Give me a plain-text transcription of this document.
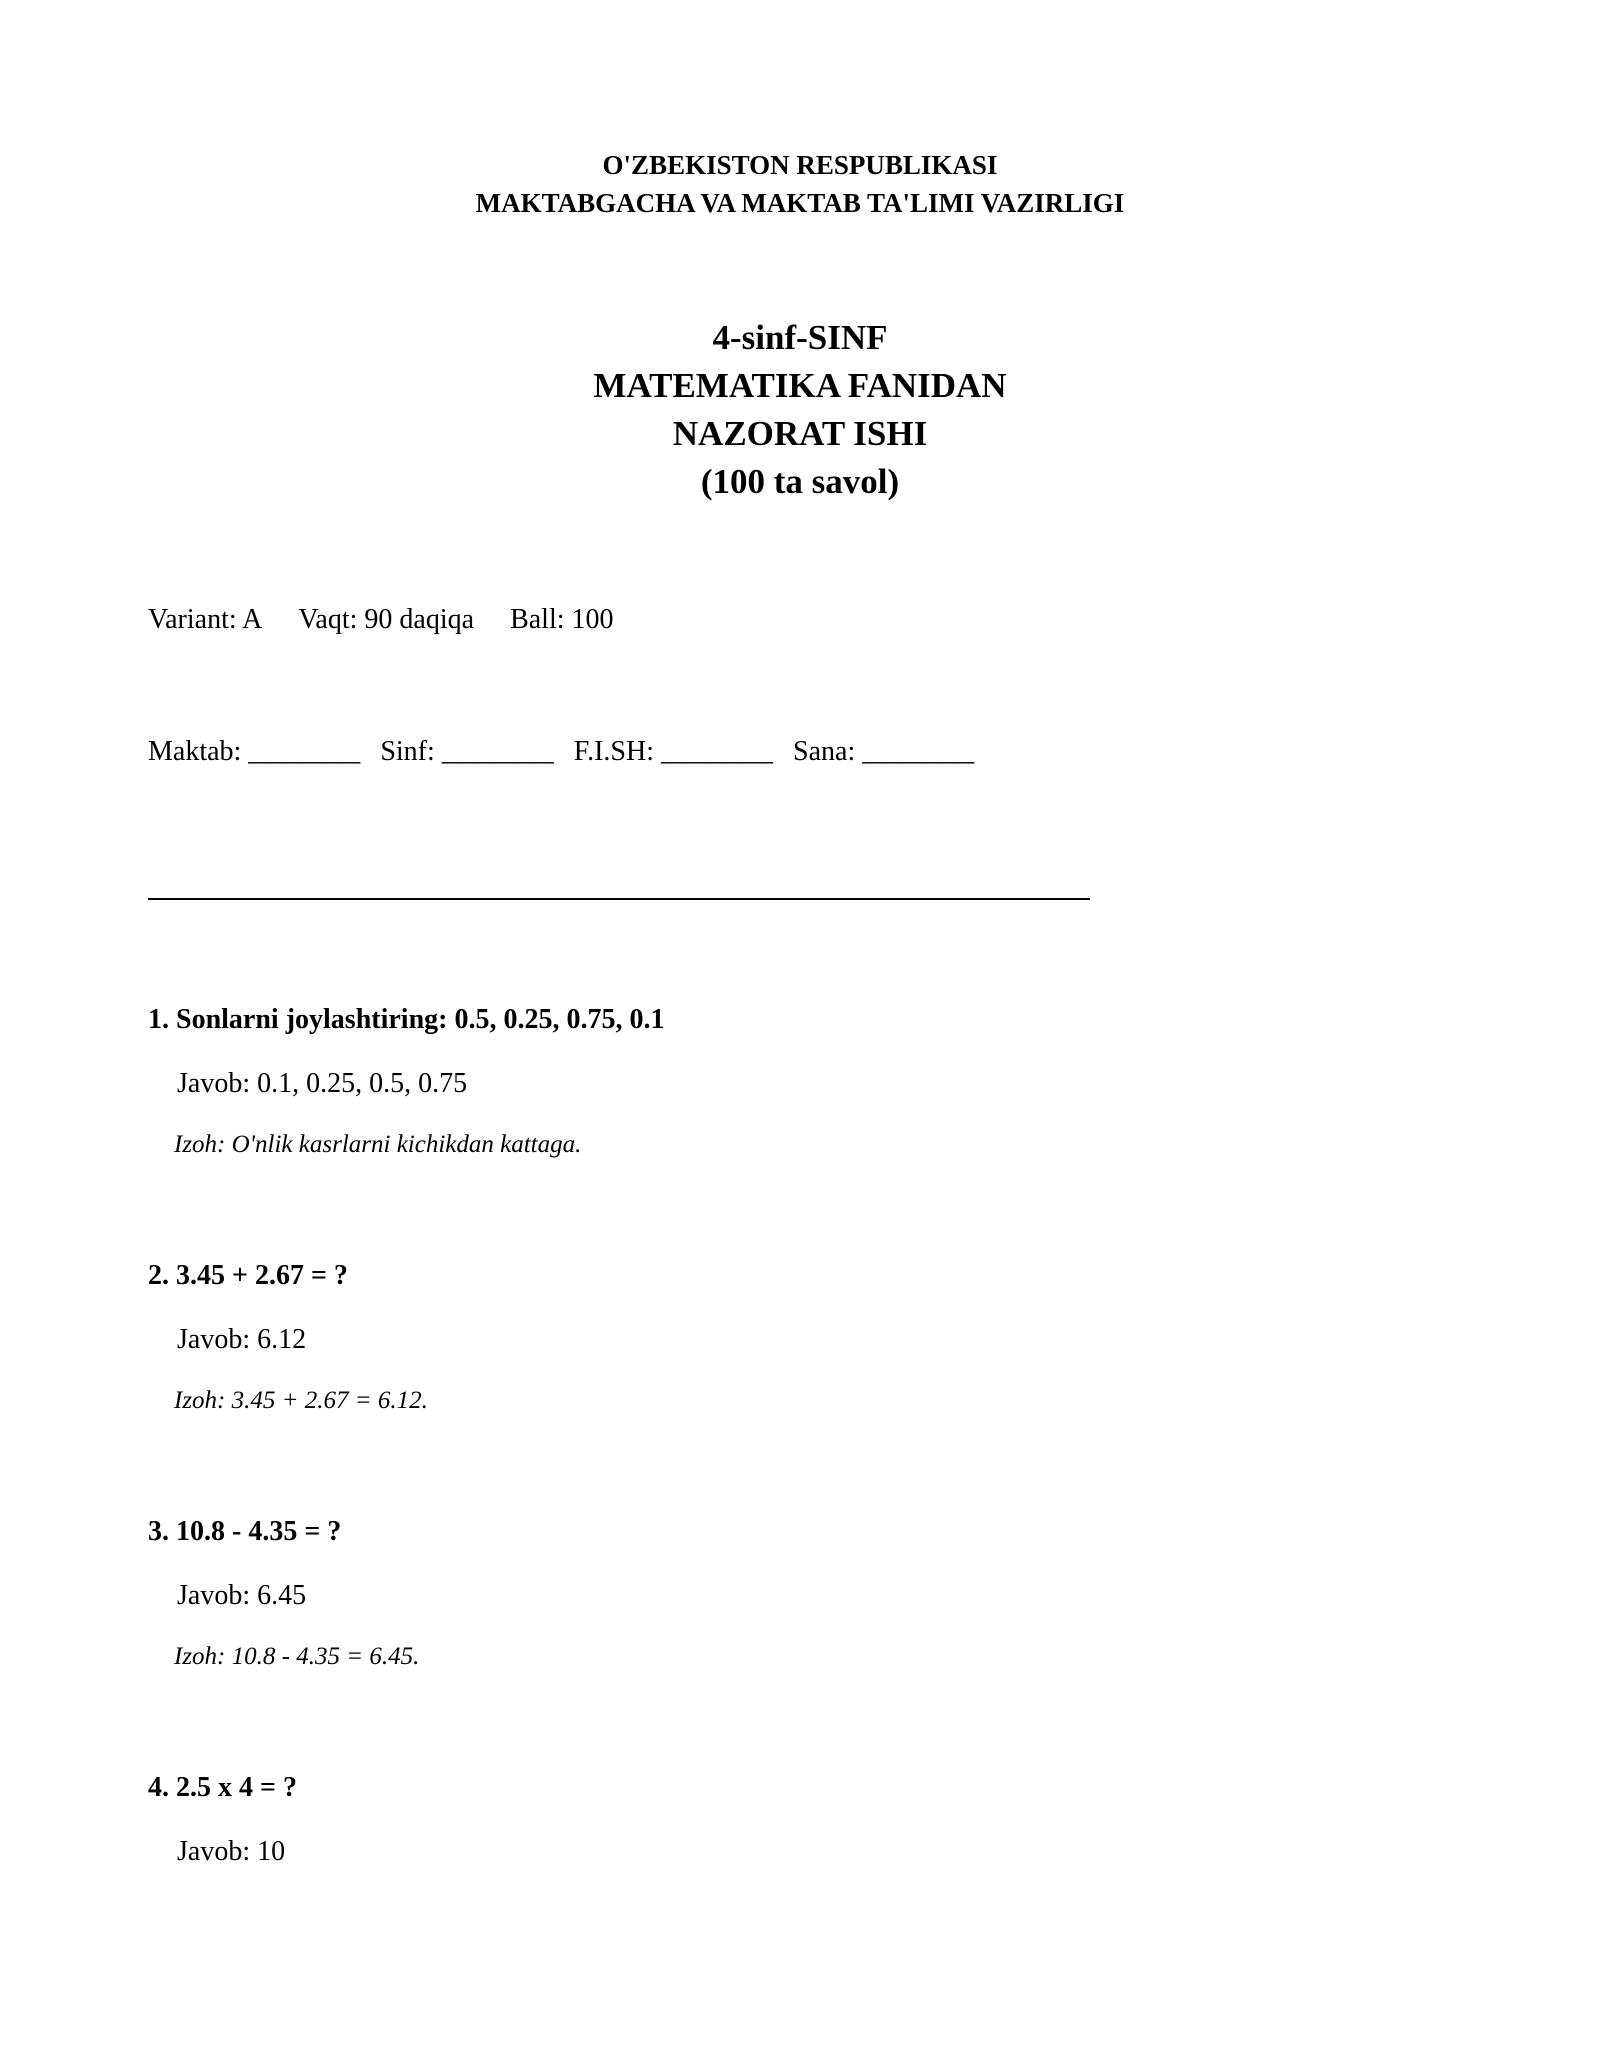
O'ZBEKISTON RESPUBLIKASI
MAKTABGACHA VA MAKTAB TA'LIMI VAZIRLIGI
4-sinf-SINF
MATEMATIKA FANIDAN
NAZORAT ISHI
(100 ta savol)
Variant: A Vaqt: 90 daqiqa Ball: 100
Maktab: ________ Sinf: ________ F.I.SH: ________ Sana: ________

1. Sonlarni joylashtiring: 0.5, 0.25, 0.75, 0.1

Javob: 0.1, 0.25, 0.5, 0.75
Izoh: O'nlik kasrlarni kichikdan kattaga.

2. 3.45 + 2.67 = ?

Javob: 6.12
Izoh: 3.45 + 2.67 = 6.12.

3. 10.8 - 4.35 = ?

Javob: 6.45
Izoh: 10.8 - 4.35 = 6.45.

4. 2.5 x 4 = ?

Javob: 10
